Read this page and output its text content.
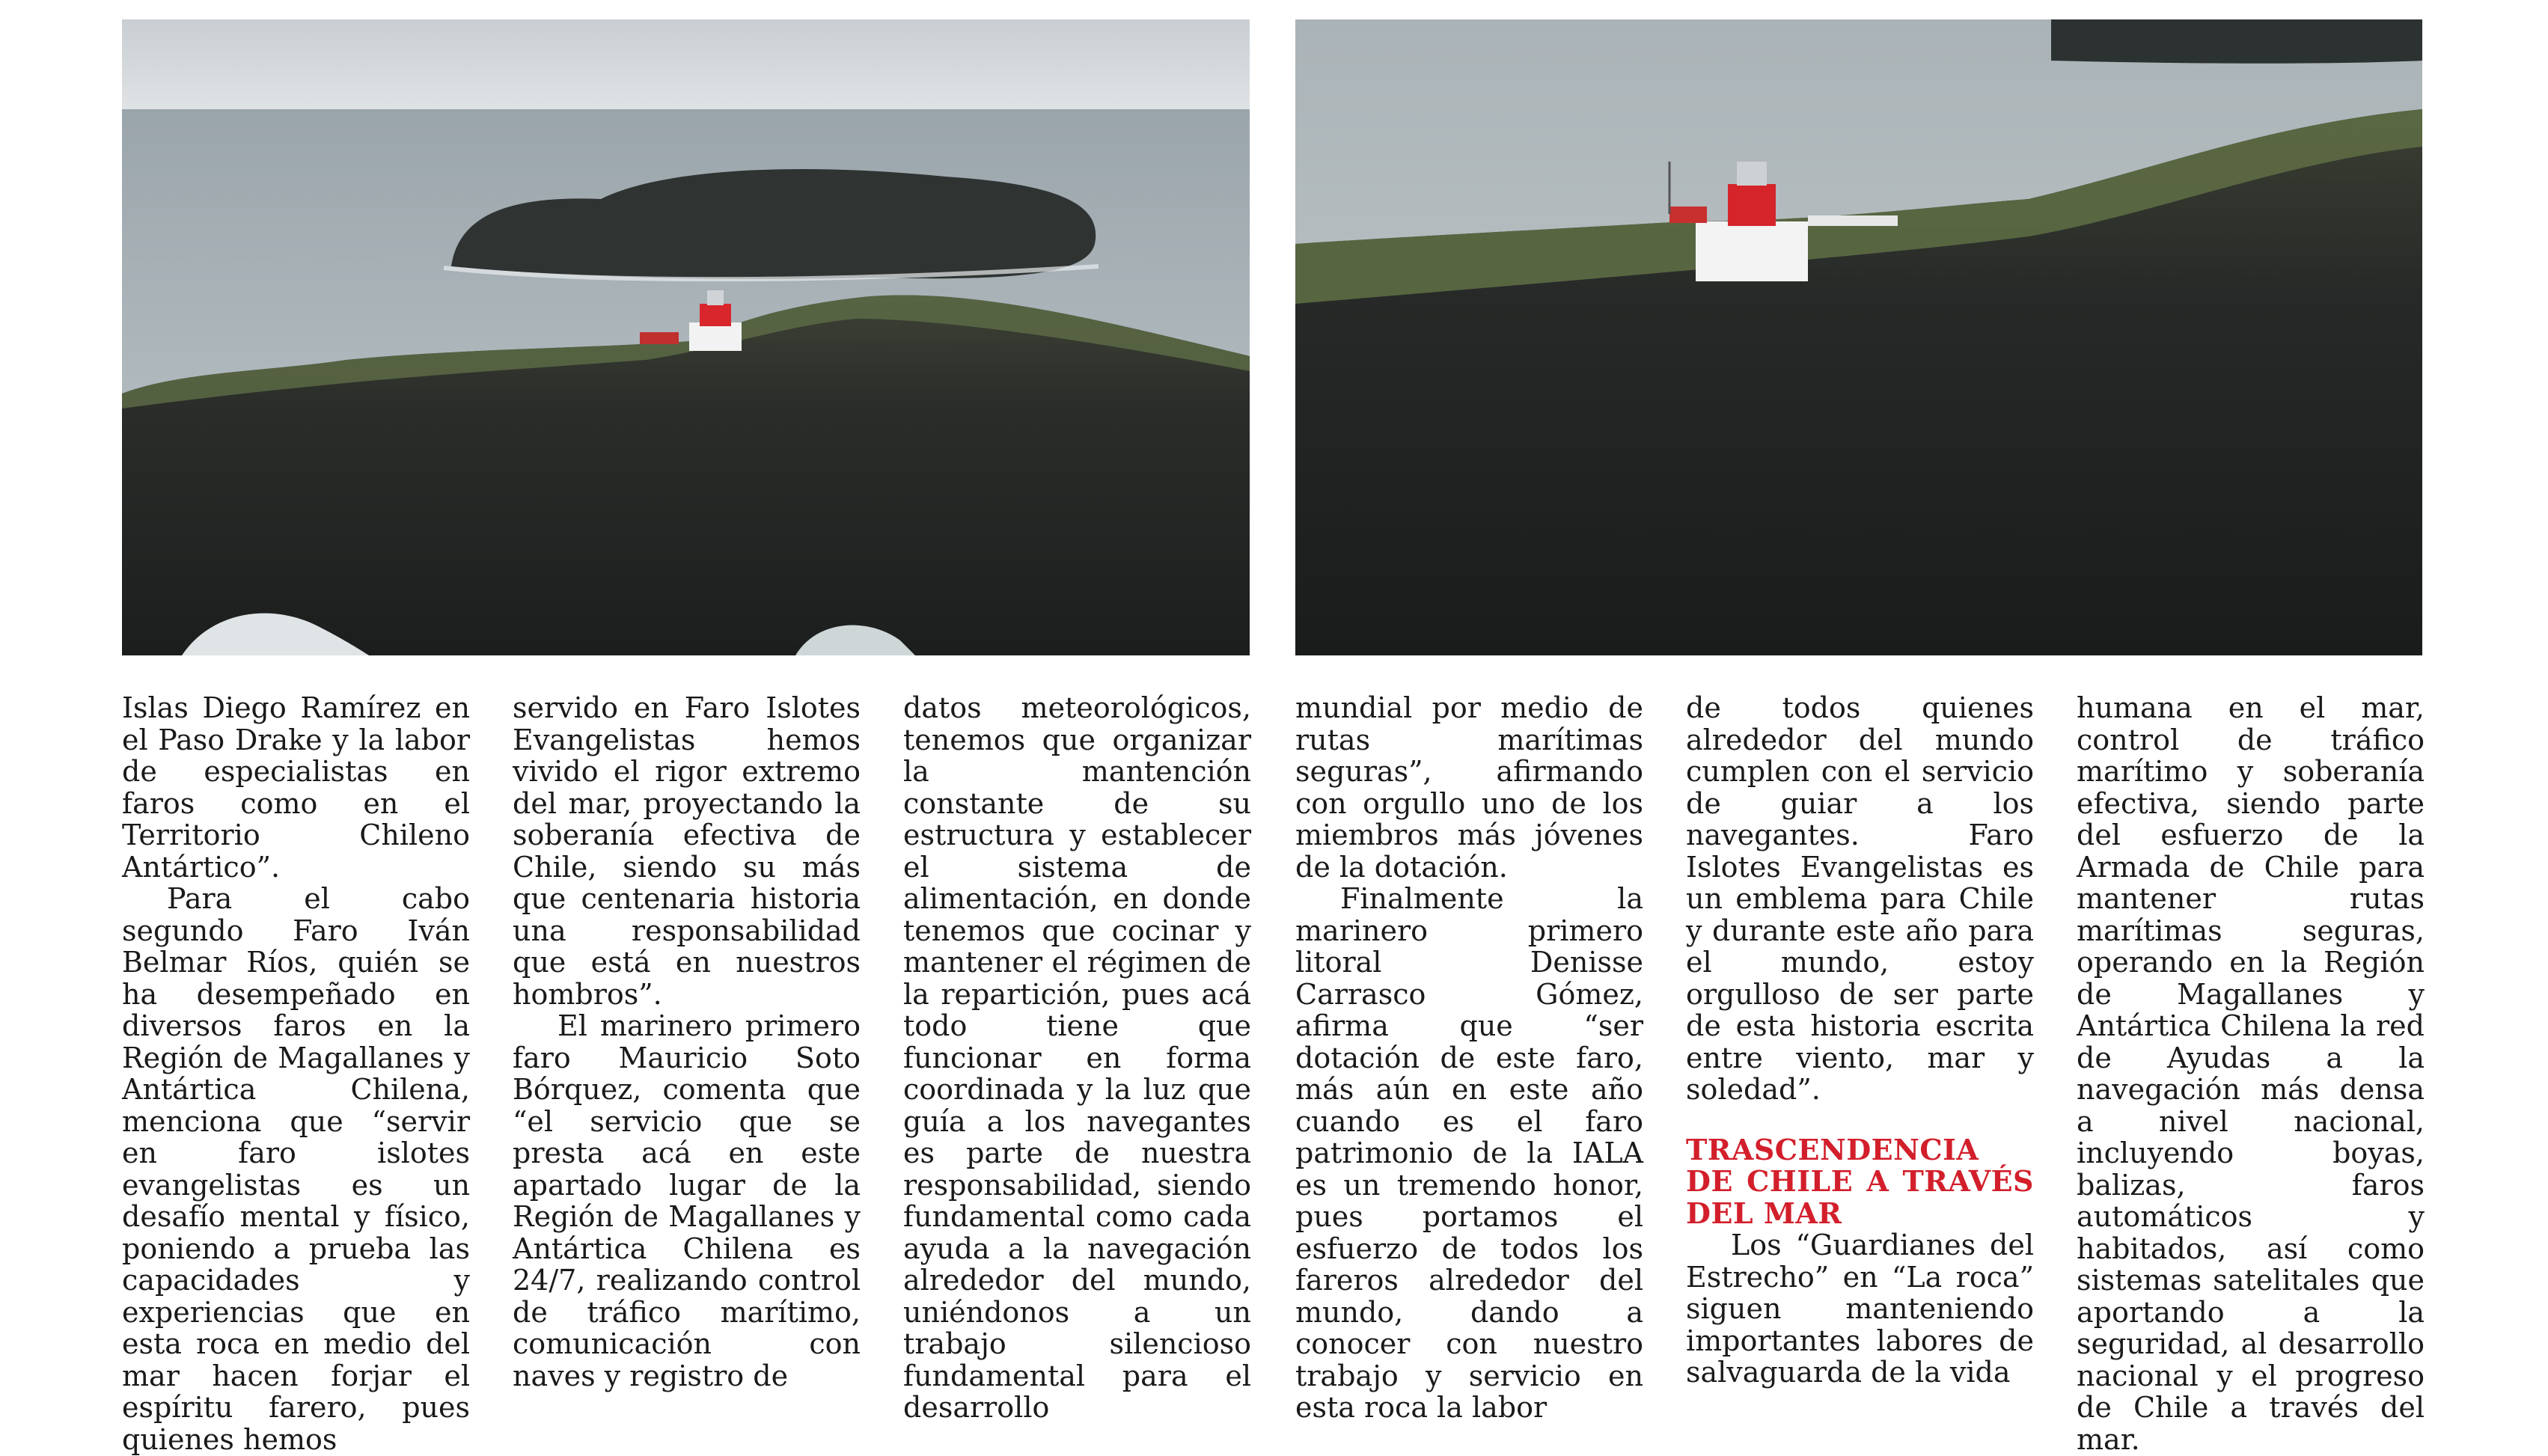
Islas Diego Ramírez en el Paso Drake y la labor de especialistas en faros como en el Territorio Chileno Antártico”.

Para el cabo segundo Faro Iván Belmar Ríos, quién se ha desempeñado en diversos faros en la Región de Magallanes y Antártica Chilena, menciona que “servir en faro islotes evangelistas es un desafío mental y físico, poniendo a prueba las capacidades y experiencias que en esta roca en medio del mar hacen forjar el espíritu farero, pues quienes hemos

servido en Faro Islotes Evangelistas hemos vivido el rigor extremo del mar, proyectando la soberanía efectiva de Chile, siendo su más que centenaria historia una responsabilidad que está en nuestros hombros”.

El marinero primero faro Mauricio Soto Bórquez, comenta que “el servicio que se presta acá en este apartado lugar de la Región de Magallanes y Antártica Chilena es 24/7, realizando control de tráfico marítimo, comunicación con naves y registro de

datos meteorológicos, tenemos que organizar la mantención constante de su estructura y establecer el sistema de alimentación, en donde tenemos que cocinar y mantener el régimen de la repartición, pues acá todo tiene que funcionar en forma coordinada y la luz que guía a los navegantes es parte de nuestra responsabilidad, siendo fundamental como cada ayuda a la navegación alrededor del mundo, uniéndonos a un trabajo silencioso fundamental para el desarrollo

mundial por medio de rutas marítimas seguras”, afirmando con orgullo uno de los miembros más jóvenes de la dotación.

Finalmente la marinero primero litoral Denisse Carrasco Gómez, afirma que “ser dotación de este faro, más aún en este año cuando es el faro patrimonio de la IALA es un tremendo honor, pues portamos el esfuerzo de todos los fareros alrededor del mundo, dando a conocer con nuestro trabajo y servicio en esta roca la labor

de todos quienes alrededor del mundo cumplen con el servicio de guiar a los navegantes. Faro Islotes Evangelistas es un emblema para Chile y durante este año para el mundo, estoy orgulloso de ser parte de esta historia escrita entre viento, mar y soledad”.

TRASCENDENCIA DE CHILE A TRAVÉS DEL MAR

Los “Guardianes del Estrecho” en “La roca” siguen manteniendo importantes labores de salvaguarda de la vida

humana en el mar, control de tráfico marítimo y soberanía efectiva, siendo parte del esfuerzo de la Armada de Chile para mantener rutas marítimas seguras, operando en la Región de Magallanes y Antártica Chilena la red de Ayudas a la navegación más densa a nivel nacional, incluyendo boyas, balizas, faros automáticos y habitados, así como sistemas satelitales que aportando a la seguridad, al desarrollo nacional y el progreso de Chile a través del mar.
